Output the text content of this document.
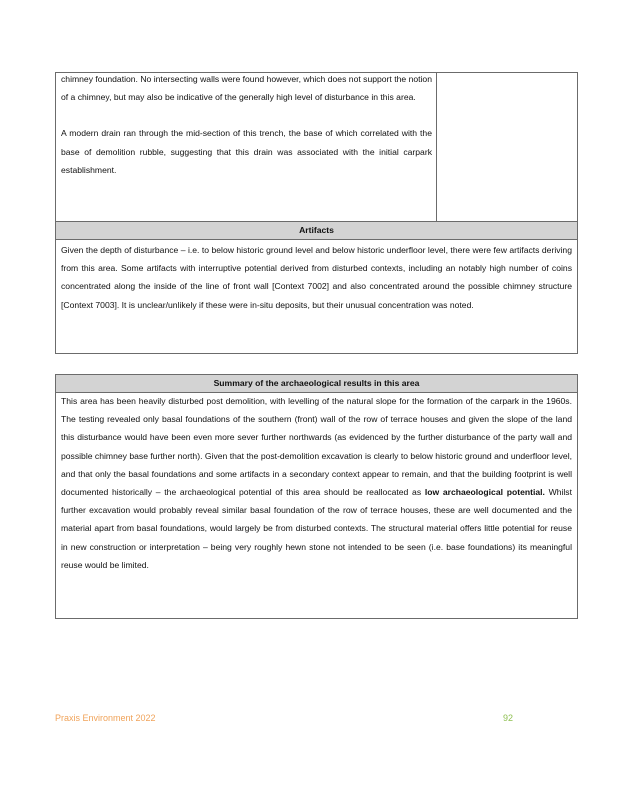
chimney foundation. No intersecting walls were found however, which does not support the notion of a chimney, but may also be indicative of the generally high level of disturbance in this area.

A modern drain ran through the mid-section of this trench, the base of which correlated with the base of demolition rubble, suggesting that this drain was associated with the initial carpark establishment.

Artifacts

Given the depth of disturbance – i.e. to below historic ground level and below historic underfloor level, there were few artifacts deriving from this area. Some artifacts with interruptive potential derived from disturbed contexts, including an notably high number of coins concentrated along the inside of the line of front wall [Context 7002] and also concentrated around the possible chimney structure [Context 7003]. It is unclear/unlikely if these were in-situ deposits, but their unusual concentration was noted.

Summary of the archaeological results in this area

This area has been heavily disturbed post demolition, with levelling of the natural slope for the formation of the carpark in the 1960s. The testing revealed only basal foundations of the southern (front) wall of the row of terrace houses and given the slope of the land this disturbance would have been even more sever further northwards (as evidenced by the further disturbance of the party wall and possible chimney base further north). Given that the post-demolition excavation is clearly to below historic ground and underfloor level, and that only the basal foundations and some artifacts in a secondary context appear to remain, and that the building footprint is well documented historically – the archaeological potential of this area should be reallocated as low archaeological potential. Whilst further excavation would probably reveal similar basal foundation of the row of terrace houses, these are well documented and the material apart from basal foundations, would largely be from disturbed contexts. The structural material offers little potential for reuse in new construction or interpretation – being very roughly hewn stone not intended to be seen (i.e. base foundations) its meaningful reuse would be limited.

Praxis Environment 2022	92
